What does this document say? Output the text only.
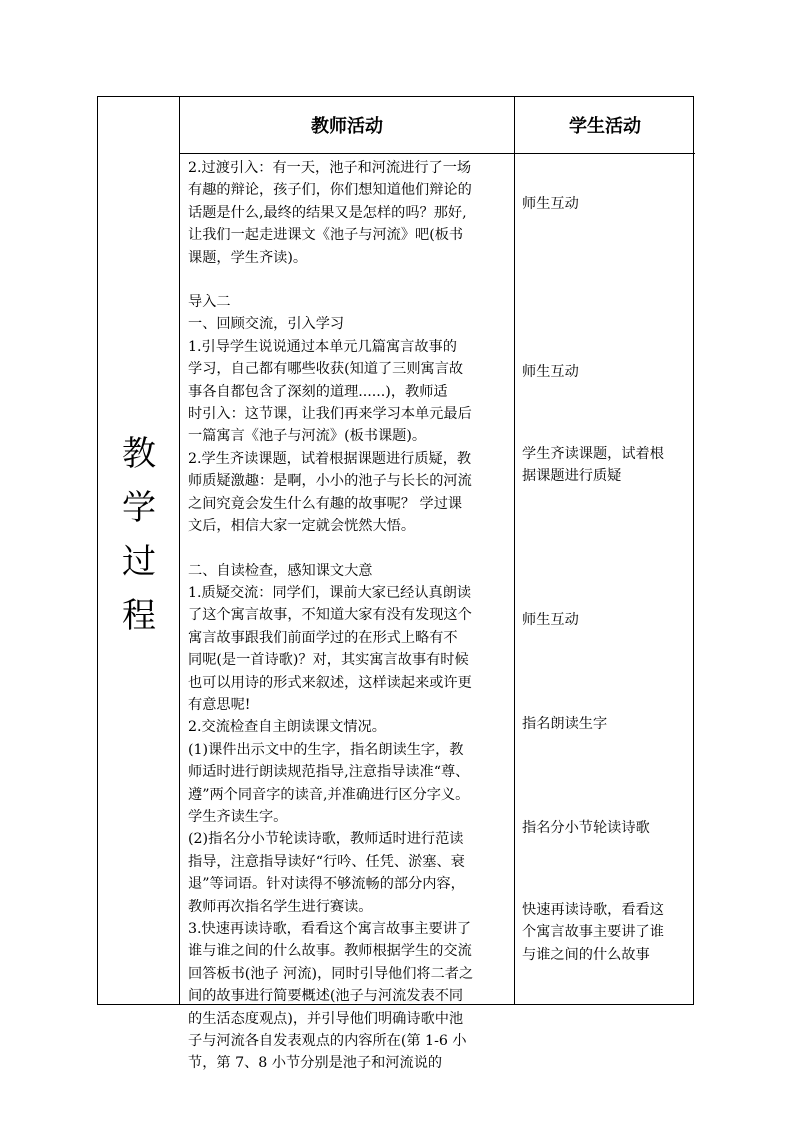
教师活动	学生活动
教
学
过
程

2.过渡引入：有一天，池子和河流进行了一场

有趣的辩论，孩子们，你们想知道他们辩论的

话题是什么,最终的结果又是怎样的吗？那好,

让我们一起走进课文《池子与河流》吧(板书

课题，学生齐读)。

导入二

一、回顾交流，引入学习

1.引导学生说说通过本单元几篇寓言故事的

学习，自己都有哪些收获(知道了三则寓言故

事各自都包含了深刻的道理......)，教师适

时引入：这节课，让我们再来学习本单元最后

一篇寓言《池子与河流》(板书课题)。

2.学生齐读课题，试着根据课题进行质疑，教

师质疑激趣：是啊，小小的池子与长长的河流

之间究竟会发生什么有趣的故事呢？ 学过课

文后，相信大家一定就会恍然大悟。

二、自读检查，感知课文大意

1.质疑交流：同学们，课前大家已经认真朗读

了这个寓言故事，不知道大家有没有发现这个

寓言故事跟我们前面学过的在形式上略有不

同呢(是一首诗歌)？对，其实寓言故事有时候

也可以用诗的形式来叙述，这样读起来或许更

有意思呢!

2.交流检查自主朗读课文情况。

(1)课件出示文中的生字，指名朗读生字，教

师适时进行朗读规范指导,注意指导读准“尊、

遵”两个同音字的读音,并准确进行区分字义。

学生齐读生字。

(2)指名分小节轮读诗歌，教师适时进行范读

指导，注意指导读好“行吟、任凭、淤塞、衰

退”等词语。针对读得不够流畅的部分内容，

教师再次指名学生进行赛读。

3.快速再读诗歌，看看这个寓言故事主要讲了

谁与谁之间的什么故事。教师根据学生的交流

回答板书(池子 河流)，同时引导他们将二者之

间的故事进行简要概述(池子与河流发表不同

的生活态度观点)，并引导他们明确诗歌中池

子与河流各自发表观点的内容所在(第 1-6 小

节，第 7、8 小节分别是池子和河流说的

师生互动
师生互动
学生齐读课题，试着根
据课题进行质疑
师生互动
指名朗读生字
指名分小节轮读诗歌
快速再读诗歌，看看这
个寓言故事主要讲了谁
与谁之间的什么故事
